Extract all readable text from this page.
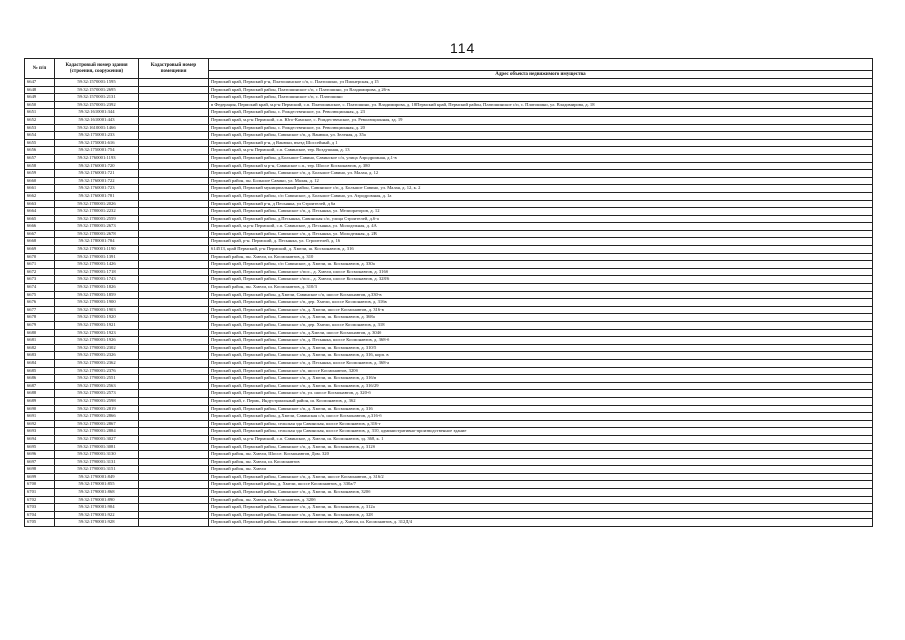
114
№ п/п	Кадастровый номер здания (строения, сооружения)	Кадастровый номер помещения	
			Адрес объекта недвижимого имущества
6647	59:32:1570001:1595		Пермский край, Пермский р-н, Платошинское с/п, с. Платошино, ул Пионерская, д 15
6648	59:32:1570001:2695		Пермский край, Пермский район, Платошинское с/п, с Платошино, ул Владимирова, д 26-в
6649	59:32:1570001:2131		Пермский край, Пермский район, Платошинское с/п, с. Платошино
6650	59:32:1570001:2392		в Федерация, Пермский край, м.р-н Пермский, с.п. Платошинское, с. Платошино, ул. Владимирова, д. 18Пермский край, Пермский район, Платошинское с/п, с. Платошино, ул. Владимирова, д. 18
6651	59:32:1610001:344		Пермский край, Пермский район, с. Рождественское, ул. Революционная, д. 23
6652	59:32:1610001:443		Пермский край, м.р-н Пермский, с.п. Юго-Камское, с. Рождественское, ул. Революционная, зд. 19
6653	59:32:1610001:1466		Пермский край, Пермский район, с. Рождественское, ул. Революционная, д. 20
6654	59:32:1750001:233		Пермский край, Пермский район, Савинское с/п, д. Ванюки, ул. Зеленая, д. 35а
6655	59:32:1750001:616		Пермский край, Пермский р-н, д Ванюки, въезд Шоссейный, д 1
6656	59:32:1750001:754		Пермский край, м.р-н Пермский, с.п. Савинское, тер. Воздушная, д. 13
6657	59:32:1760001:1193		Пермский край, Пермский район, д.Большое Савино, Савинское с/п, улица Аэродромная, д.1-в
6658	59:32:1760001:720		Пермский край, Пермский м р-н, Савинское с.п., тер. Шоссе Космонавтов, д. 380
6659	59:32:1760001:721		Пермский край, Пермский район, Савинское с/п, д. Большое Савино, ул. Малая, д. 12
6660	59:32:1760001:722		Пермский район, пн. Большое Савино, ул. Малая, д. 12
6661	59:32:1760001:723		Пермский край, Пермский муниципальный район, Савинское с/п, д. Большое Савино, ул. Малая, д. 12, к. 2
6662	59:32:1760001:781		Пермский край, Пермский район, с/п Савинское, д. Большое Савино, ул. Аэродромная, д. 1а
6663	59:32:1780001:2026		Пермский край, Пермский р-н, д Песьянка, ул Строителей, д 6а
6664	59:32:1780001:2232		Пермский край, Пермский район, Савинское с/п, д. Песьянка, ул. Мелиораторов, д. 12
6665	59:32:1780001:2559		Пермский край, Пермский район, д.Песьянка, Савинская с/п, улица Строителей, д.6-а
6666	59:32:1780001:2673		Пермский край, м.р-н Пермский, с.п. Савинское, д. Песьянка, ул. Молодежная, д. 4А
6667	59:32:1780001:2678		Пермский край, Пермский район, Савинское с/п, д. Песьянка, ул. Молодежная, д. 2В
6668	59:32:1780001:784		Пермский край, р-н. Пермский, д. Песьянка, ул. Строителей, д. 16
6669	59:32:1790001:1190		614513, край Пермский, р-н Пермский, д. Хмели, ш. Космонавтов, д. 316
6670	59:32:1790001:1391		Пермский район, пн. Хмели, ш. Космонавтов, д. 310
6671	59:32:1790001:1426		Пермский край, Пермский район, с/п Савинское, д. Хмели, ш. Космонавтов, д. 330а
6672	59:32:1790001:1718		Пермский край, Пермский район, Савинское с/пос., д. Хмели, шоссе Космонавтов, д. 316б
6673	59:32:1790001:1743		Пермский край, Пермский район, Савинское с/пос., д. Хмели, шоссе Космонавтов, д. 328/6
6674	59:32:1790001:1826		Пермский район, пн. Хмели, ш. Космонавтов, д. 310/3
6675	59:32:1790001:1859		Пермский край, Пермский район, д.Хмели, Савинское с/п, шоссе Космонавтов, д.330-в
6676	59:32:1790001:1900		Пермский край, Пермский район, Савинское с/п, дер. Хмели, шоссе Космонавтов, д. 316в
6677	59:32:1790001:1903		Пермский край, Пермский район, Савинское с/п, д. Хмели, шоссе Космонавтов, д. 316-в
6678	59:32:1790001:1920		Пермский край, Пермский район, Савинское с/п, д. Хмели, ш. Космонавтов, д. 368а
6679	59:32:1790001:1921		Пермский край, Пермский район, Савинское с/п, дер. Хмели, шоссе Космонавтов, д. 318
6680	59:32:1790001:1923		Пермский край, Пермский район, Савинское с/п, д.Хмели, шоссе Космонавтов, д. 304б
6681	59:32:1790001:1926		Пермский край, Пермский район, Савинское с/п, д. Песьянка, шоссе Космонавтов, д. 368-б
6682	59:32:1790001:2302		Пермский край, Пермский район, Савинское с/п, д. Хмели, ш. Космонавтов, д. 310/5
6683	59:32:1790001:2326		Пермский край, Пермский район, Савинское с/п, д. Хмели, ш. Космонавтов, д. 316, корп. в
6684	59:32:1790001:2362		Пермский край, Пермский район, Савинское с/п, д. Песьянка, шоссе Космонавтов, д. 368-а
6685	59:32:1790001:2376		Пермский край, Пермский район, Савинское с/п, шоссе Космонавтов, 320б
6686	59:32:1790001:2551		Пермский край, Пермский район, Савинское с/п, д. Хмели, ш. Космонавтов, д. 316/в
6687	59:32:1790001:2563		Пермский край, Пермский район, Савинское с/п, д. Хмели, ш. Космонавтов, д. 316/29
6688	59:32:1790001:2573		Пермский край, Пермский район, Савинское с/п, ул. шоссе Космонавтов, д. 320-б
6689	59:32:1790001:2598		Пермский край, г. Пермь, Индустриальный район, ш. Космонавтов, д. 362
6690	59:32:1790001:2819		Пермский край, Пермский район, Савинское с/п, д. Хмели, ш. Космонавтов, д. 316
6691	59:32:1790001:2866		Пермский край, Пермский район, д.Хмели, Савинская с/п, шоссе Космонавтов, д.316-б
6692	59:32:1790001:2867		Пермский край, Пермский район, сельская зда Савинская, шоссе Космонавтов, д.316-г
6693	59:32:1790001:2884		Пермский край, Пермский район, сельская зда Савинская, шоссе Космонавтов, д. 310, административно-производственное здание
6694	59:32:1790001:3027		Пермский край, м.р-н Пермский, с.п. Савинское, д. Хмели, ш. Космонавтов, зд. 368, к. 1
6695	59:32:1790001:3081		Пермский край, Пермский район, Савинское с/п, д. Хмели, ш. Космонавтов, д. 312б
6696	59:32:1790001:3130		Пермский район, пн. Хмели, Шоссе. Космонавтов, Дом. 320
6697	59:32:1790001:3131		Пермский район, пн. Хмели, ш. Космонавтов
6698	59:32:1790001:3151		Пермский район, пн. Хмели
6699	59:32:1790001:849		Пермский край, Пермский район, Савинское с/п, д. Хмели, шоссе Космонавтов, д. 316/2
6700	59:32:1790001:855		Пермский край, Пермский район, д. Хмели, шоссе Космонавтов, д. 330а/7
6701	59:32:1790001:868		Пермский край, Пермский район, Савинское с/п, д. Хмели, ш. Космонавтов, 320б
6702	59:32:1790001:890		Пермский район, пн. Хмели, ш. Космонавтов, д. 320б
6703	59:32:1790001:904		Пермский край, Пермский район, Савинское с/п, д. Хмели, ш. Космонавтов, д. 312а
6704	59:32:1790001:922		Пермский край, Пермский район, Савинское с/п, д. Хмели, ш. Космонавтов, д. 328
6705	59:32:1790001:928		Пермский край, Пермский район, Савинское сельское поселение, д. Хмели, ш. Космонавтов, д. 312Д/4
